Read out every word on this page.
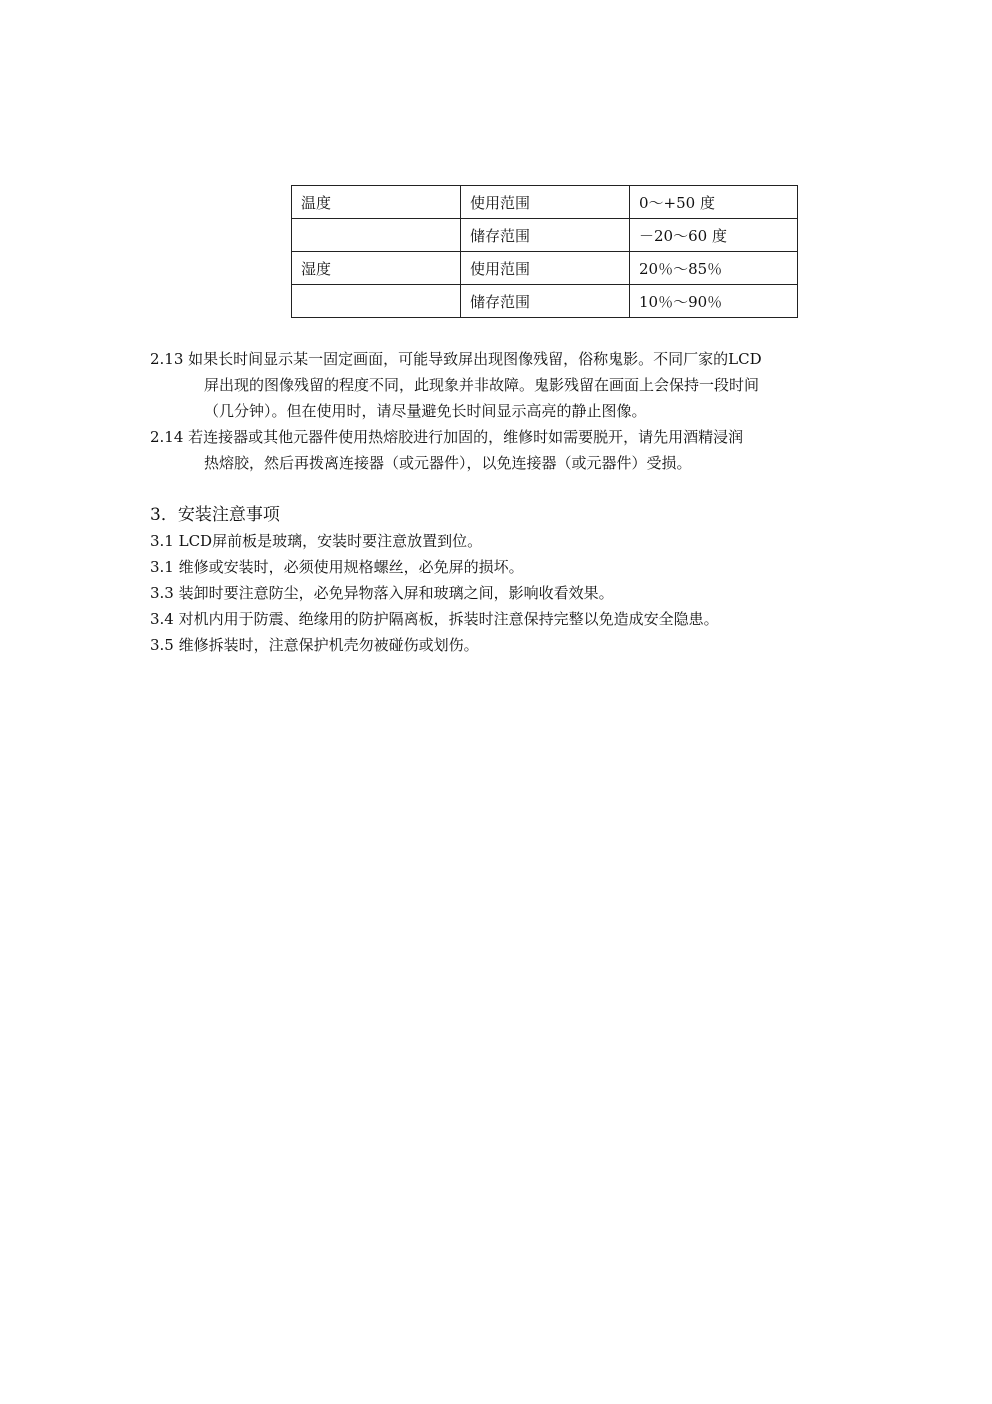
温度	使用范围	0～+50 度
	储存范围	－20～60 度
湿度	使用范围	20％～85％
	储存范围	10％～90％
2.13 如果长时间显示某一固定画面，可能导致屏出现图像残留，俗称鬼影。不同厂家的LCD
屏出现的图像残留的程度不同，此现象并非故障。鬼影残留在画面上会保持一段时间
（几分钟）。但在使用时，请尽量避免长时间显示高亮的静止图像。
2.14 若连接器或其他元器件使用热熔胶进行加固的，维修时如需要脱开，请先用酒精浸润
热熔胶，然后再拨离连接器（或元器件），以免连接器（或元器件）受损。
3．安装注意事项
3.1 LCD屏前板是玻璃，安装时要注意放置到位。
3.1 维修或安装时，必须使用规格螺丝，必免屏的损坏。
3.3 装卸时要注意防尘，必免异物落入屏和玻璃之间，影响收看效果。
3.4 对机内用于防震、绝缘用的防护隔离板，拆装时注意保持完整以免造成安全隐患。
3.5 维修拆装时，注意保护机壳勿被碰伤或划伤。
